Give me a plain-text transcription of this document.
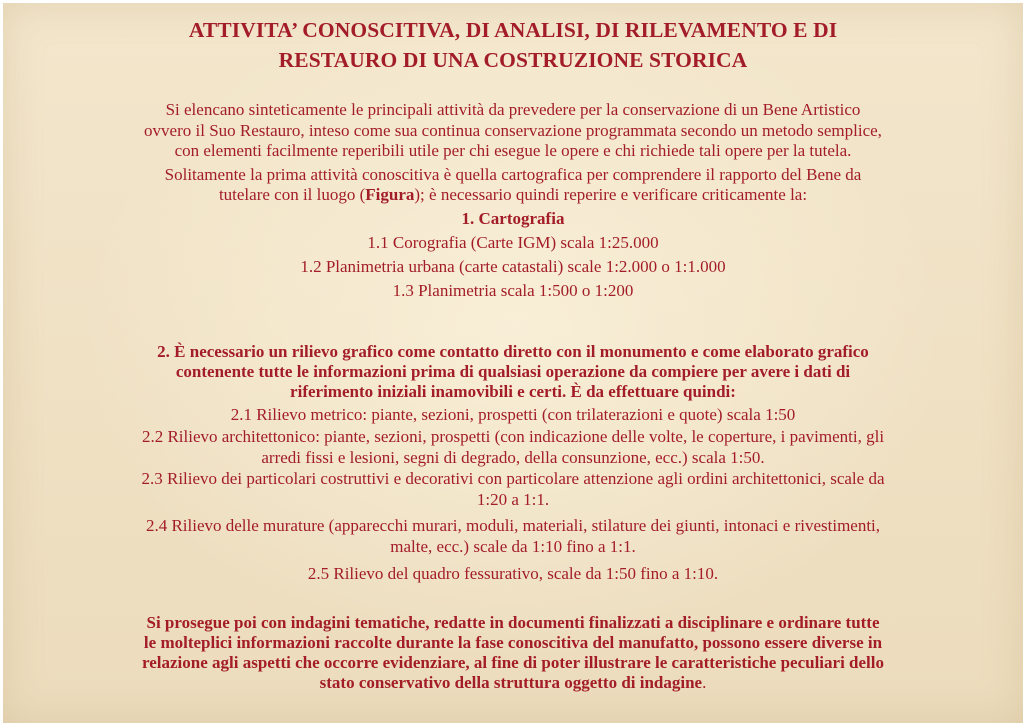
ATTIVITA’ CONOSCITIVA, DI ANALISI, DI RILEVAMENTO E DI
RESTAURO DI UNA COSTRUZIONE STORICA

Si elencano sinteticamente le principali attività da prevedere per la conservazione di un Bene Artistico
ovvero il Suo Restauro, inteso come sua continua conservazione programmata secondo un metodo semplice,
con elementi facilmente reperibili utile per chi esegue le opere e chi richiede tali opere per la tutela.

Solitamente la prima attività conoscitiva è quella cartografica per comprendere il rapporto del Bene da
tutelare con il luogo (Figura); è necessario quindi reperire e verificare criticamente la:

1. Cartografia

1.1 Corografia (Carte IGM) scala 1:25.000

1.2 Planimetria urbana (carte catastali) scale 1:2.000 o 1:1.000

1.3 Planimetria scala 1:500 o 1:200

2. È necessario un rilievo grafico come contatto diretto con il monumento e come elaborato grafico
contenente tutte le informazioni prima di qualsiasi operazione da compiere per avere i dati di
riferimento iniziali inamovibili e certi. È da effettuare quindi:

2.1 Rilievo metrico: piante, sezioni, prospetti (con trilaterazioni e quote) scala 1:50

2.2 Rilievo architettonico: piante, sezioni, prospetti (con indicazione delle volte, le coperture, i pavimenti, gli
arredi fissi e lesioni, segni di degrado, della consunzione, ecc.) scala 1:50.

2.3 Rilievo dei particolari costruttivi e decorativi con particolare attenzione agli ordini architettonici, scale da
1:20 a 1:1.

2.4 Rilievo delle murature (apparecchi murari, moduli, materiali, stilature dei giunti, intonaci e rivestimenti,
malte, ecc.) scale da 1:10 fino a 1:1.

2.5 Rilievo del quadro fessurativo, scale da 1:50 fino a 1:10.

Si prosegue poi con indagini tematiche, redatte in documenti finalizzati a disciplinare e ordinare tutte
le molteplici informazioni raccolte durante la fase conoscitiva del manufatto, possono essere diverse in
relazione agli aspetti che occorre evidenziare, al fine di poter illustrare le caratteristiche peculiari dello
stato conservativo della struttura oggetto di indagine.
